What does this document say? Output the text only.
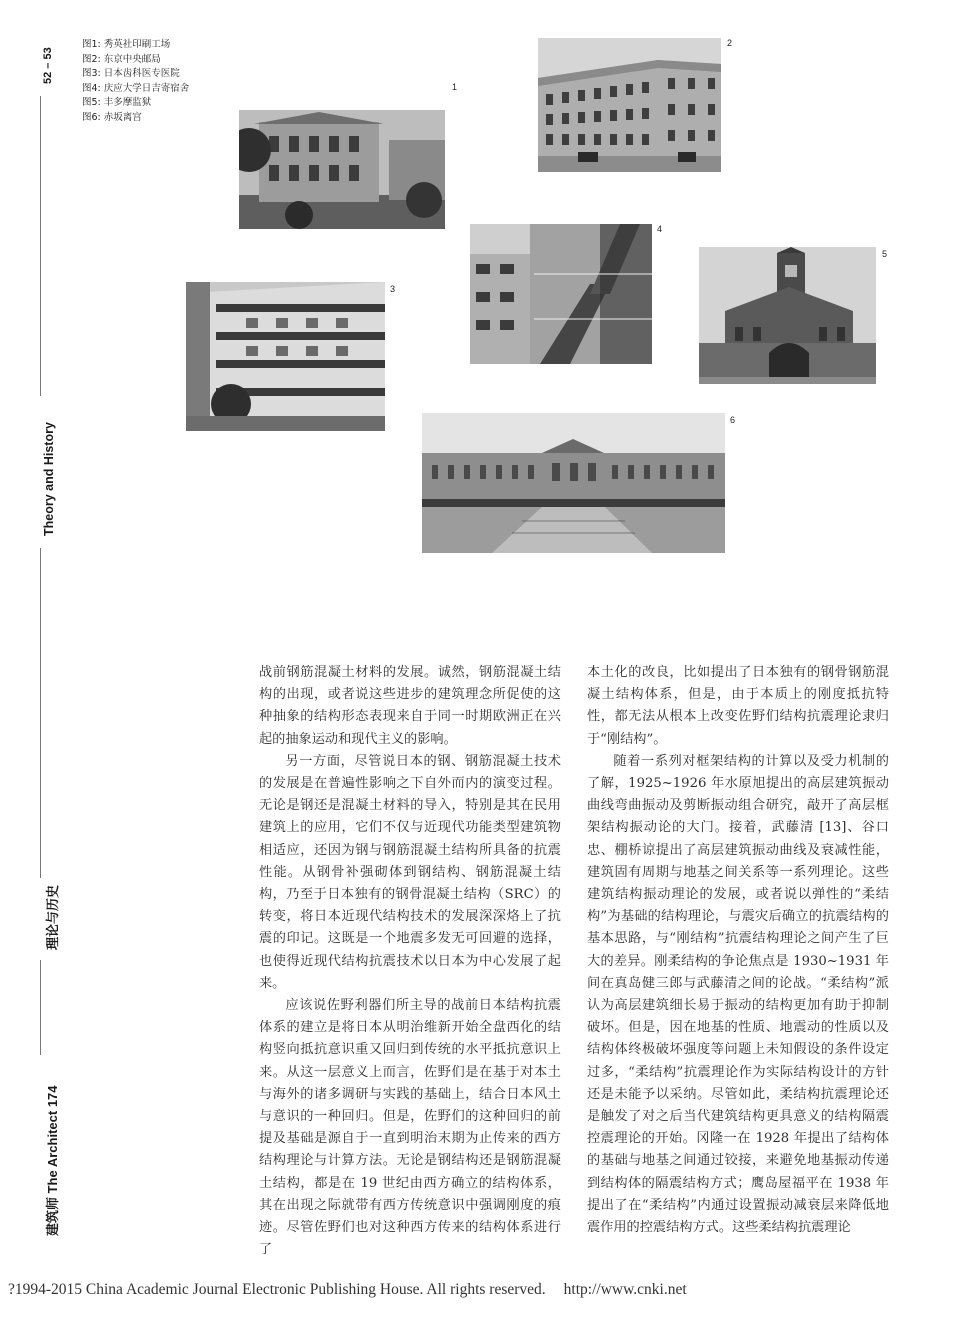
52 – 53
Theory and History
理论与历史
建筑师 The Architect 174
图1: 秀英社印刷工场
图2: 东京中央邮局
图3: 日本齿科医专医院
图4: 庆应大学日吉寄宿舍
图5: 丰多摩监狱
图6: 赤坂离宫
1
2
3
4
5
6

战前钢筋混凝土材料的发展。诚然，钢筋混凝土结构的出现，或者说这些进步的建筑理念所促使的这种抽象的结构形态表现来自于同一时期欧洲正在兴起的抽象运动和现代主义的影响。

另一方面，尽管说日本的钢、钢筋混凝土技术的发展是在普遍性影响之下自外而内的演变过程。无论是钢还是混凝土材料的导入，特别是其在民用建筑上的应用，它们不仅与近现代功能类型建筑物相适应，还因为钢与钢筋混凝土结构所具备的抗震性能。从钢骨补强砌体到钢结构、钢筋混凝土结构，乃至于日本独有的钢骨混凝土结构（SRC）的转变，将日本近现代结构技术的发展深深烙上了抗震的印记。这既是一个地震多发无可回避的选择，也使得近现代结构抗震技术以日本为中心发展了起来。

应该说佐野利器们所主导的战前日本结构抗震体系的建立是将日本从明治维新开始全盘西化的结构竖向抵抗意识重又回归到传统的水平抵抗意识上来。从这一层意义上而言，佐野们是在基于对本土与海外的诸多调研与实践的基础上，结合日本风土与意识的一种回归。但是，佐野们的这种回归的前提及基础是源自于一直到明治末期为止传来的西方结构理论与计算方法。无论是钢结构还是钢筋混凝土结构，都是在 19 世纪由西方确立的结构体系，其在出现之际就带有西方传统意识中强调刚度的痕迹。尽管佐野们也对这种西方传来的结构体系进行了

本土化的改良，比如提出了日本独有的钢骨钢筋混凝土结构体系，但是，由于本质上的刚度抵抗特性，都无法从根本上改变佐野们结构抗震理论隶归于“刚结构”。

随着一系列对框架结构的计算以及受力机制的了解，1925~1926 年水原旭提出的高层建筑振动曲线弯曲振动及剪断振动组合研究，敲开了高层框架结构振动论的大门。接着，武藤清 [13]、谷口忠、棚桥谅提出了高层建筑振动曲线及衰减性能，建筑固有周期与地基之间关系等一系列理论。这些建筑结构振动理论的发展，或者说以弹性的“柔结构”为基础的结构理论，与震灾后确立的抗震结构的基本思路，与“刚结构”抗震结构理论之间产生了巨大的差异。刚柔结构的争论焦点是 1930~1931 年间在真岛健三郎与武藤清之间的论战。“柔结构”派认为高层建筑细长易于振动的结构更加有助于抑制破坏。但是，因在地基的性质、地震动的性质以及结构体终极破坏强度等问题上未知假设的条件设定过多，“柔结构”抗震理论作为实际结构设计的方针还是未能予以采纳。尽管如此，柔结构抗震理论还是触发了对之后当代建筑结构更具意义的结构隔震控震理论的开始。冈隆一在 1928 年提出了结构体的基础与地基之间通过铰接，来避免地基振动传递到结构体的隔震结构方式；鹰岛屋福平在 1938 年提出了在“柔结构”内通过设置振动减衰层来降低地震作用的控震结构方式。这些柔结构抗震理论

?1994-2015 China Academic Journal Electronic Publishing House. All rights reserved. http://www.cnki.net
